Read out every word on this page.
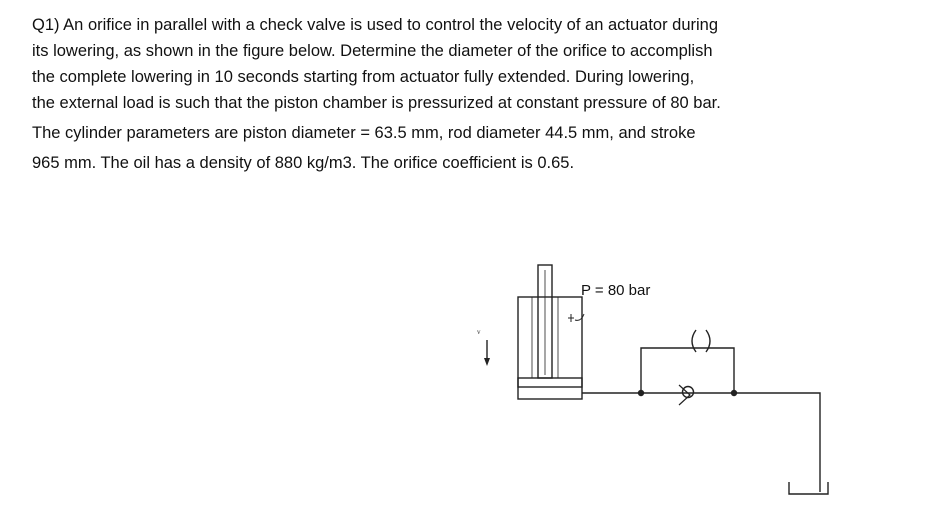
Q1) An orifice in parallel with a check valve is used to control the velocity of an actuator during
its lowering, as shown in the figure below. Determine the diameter of the orifice to accomplish
the complete lowering in 10 seconds starting from actuator fully extended. During lowering,
the external load is such that the piston chamber is pressurized at constant pressure of 80 bar.
The cylinder parameters are piston diameter = 63.5 mm, rod diameter 44.5 mm, and stroke
965 mm. The oil has a density of 880 kg/m3. The orifice coefficient is 0.65.
v
P = 80 bar
